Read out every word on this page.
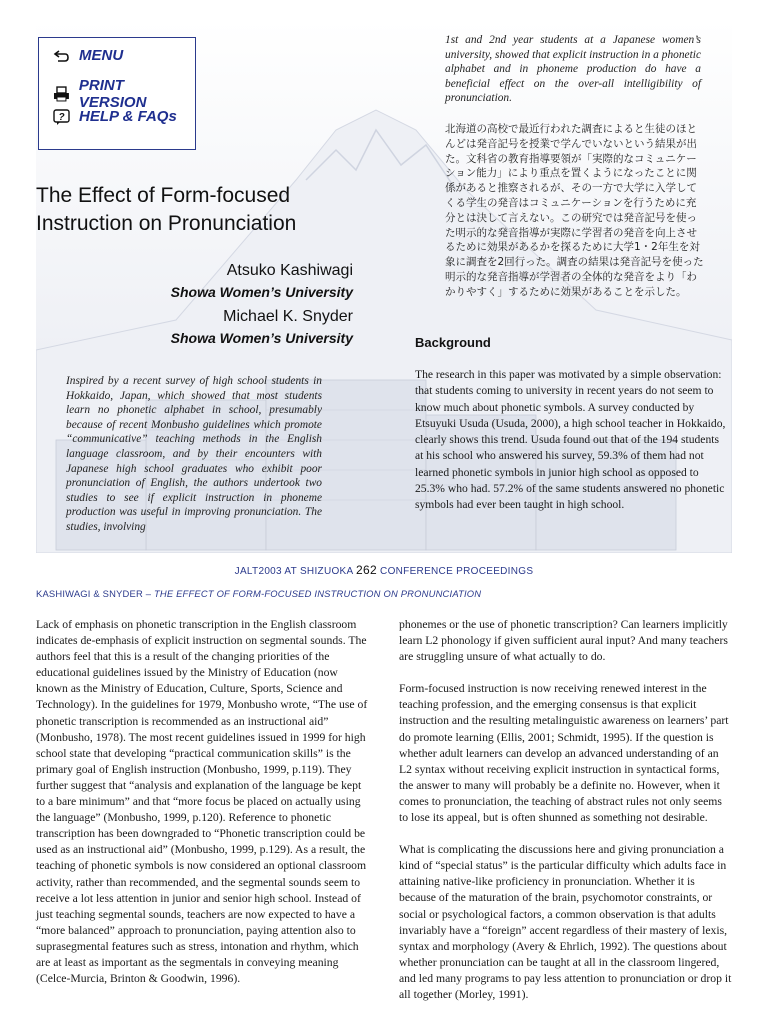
MENU
PRINT VERSION
? HELP & FAQs
The Effect of Form-focused Instruction on Pronunciation
Atsuko Kashiwagi
Showa Women’s University
Michael K. Snyder
Showa Women’s University
Inspired by a recent survey of high school students in Hokkaido, Japan, which showed that most students learn no phonetic alphabet in school, presumably because of recent Monbusho guidelines which promote “communicative” teaching methods in the English language classroom, and by their encounters with Japanese high school graduates who exhibit poor pronunciation of English, the authors undertook two studies to see if explicit instruction in phoneme production was useful in improving pronunciation. The studies, involving
1st and 2nd year students at a Japanese women’s university, showed that explicit instruction in a phonetic alphabet and in phoneme production do have a beneficial effect on the over-all intelligibility of pronunciation.
北海道の高校で最近行われた調査によると生徒のほとんどは発音記号を授業で学んでいないという結果が出た。文科省の教育指導要領が「実際的なコミュニケーション能力」により重点を置くようになったことに関係があると推察されるが、その一方で大学に入学してくる学生の発音はコミュニケーションを行うために充分とは決して言えない。この研究では発音記号を使った明示的な発音指導が実際に学習者の発音を向上させるために効果があるかを探るために大学1・2年生を対象に調査を2回行った。調査の結果は発音記号を使った明示的な発音指導が学習者の全体的な発音をより「わかりやすく」するために効果があることを示した。
Background
The research in this paper was motivated by a simple observation: that students coming to university in recent years do not seem to know much about phonetic symbols. A survey conducted by Etsuyuki Usuda (Usuda, 2000), a high school teacher in Hokkaido, clearly shows this trend. Usuda found out that of the 194 students at his school who answered his survey, 59.3% of them had not learned phonetic symbols in junior high school as opposed to 25.3% who had. 57.2% of the same students answered no phonetic symbols had ever been taught in high school.
JALT2003 AT SHIZUOKA 262 CONFERENCE PROCEEDINGS
KASHIWAGI & SNYDER – THE EFFECT OF FORM-FOCUSED INSTRUCTION ON PRONUNCIATION

Lack of emphasis on phonetic transcription in the English classroom indicates de-emphasis of explicit instruction on segmental sounds. The authors feel that this is a result of the changing priorities of the educational guidelines issued by the Ministry of Education (now known as the Ministry of Education, Culture, Sports, Science and Technology). In the guidelines for 1979, Monbusho wrote, “The use of phonetic transcription is recommended as an instructional aid” (Monbusho, 1978). The most recent guidelines issued in 1999 for high school state that developing “practical communication skills” is the primary goal of English instruction (Monbusho, 1999, p.119). They further suggest that “analysis and explanation of the language be kept to a bare minimum” and that “more focus be placed on actually using the language” (Monbusho, 1999, p.120). Reference to phonetic transcription has been downgraded to “Phonetic transcription could be used as an instructional aid” (Monbusho, 1999, p.129). As a result, the teaching of phonetic symbols is now considered an optional classroom activity, rather than recommended, and the segmental sounds seem to receive a lot less attention in junior and senior high school. Instead of just teaching segmental sounds, teachers are now expected to have a “more balanced” approach to pronunciation, paying attention also to suprasegmental features such as stress, intonation and rhythm, which are at least as important as the segmentals in conveying meaning (Celce-Murcia, Brinton & Goodwin, 1996).

phonemes or the use of phonetic transcription? Can learners implicitly learn L2 phonology if given sufficient aural input? And many teachers are struggling unsure of what actually to do.

Form-focused instruction is now receiving renewed interest in the teaching profession, and the emerging consensus is that explicit instruction and the resulting metalinguistic awareness on learners’ part do promote learning (Ellis, 2001; Schmidt, 1995). If the question is whether adult learners can develop an advanced understanding of an L2 syntax without receiving explicit instruction in syntactical forms, the answer to many will probably be a definite no. However, when it comes to pronunciation, the teaching of abstract rules not only seems to lose its appeal, but is often shunned as something not desirable.

What is complicating the discussions here and giving pronunciation a kind of “special status” is the particular difficulty which adults face in attaining native-like proficiency in pronunciation. Whether it is because of the maturation of the brain, psychomotor constraints, or social or psychological factors, a common observation is that adults invariably have a “foreign” accent regardless of their mastery of lexis, syntax and morphology (Avery & Ehrlich, 1992). The questions about whether pronunciation can be taught at all in the classroom lingered, and led many programs to pay less attention to pronunciation or drop it all together (Morley, 1991).
